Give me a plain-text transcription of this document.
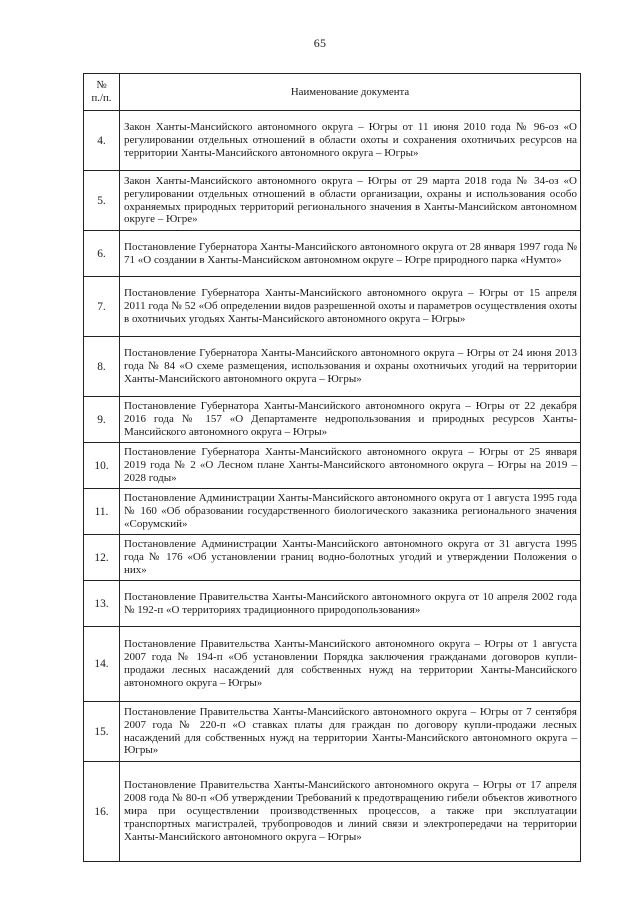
65
№
п./п.	Наименование документа
4.	Закон Ханты-Мансийского автономного округа – Югры от 11 июня 2010 года № 96-оз «О регулировании отдельных отношений в области охоты и сохранения охотничьих ресурсов на территории Ханты-Мансийского автономного округа – Югры»
5.	Закон Ханты-Мансийского автономного округа – Югры от 29 марта 2018 года № 34-оз «О регулировании отдельных отношений в области организации, охраны и использования особо охраняемых природных территорий регионального значения в Ханты-Мансийском автономном округе – Югре»
6.	Постановление Губернатора Ханты-Мансийского автономного округа от 28 января 1997 года № 71 «О создании в Ханты-Мансийском автономном округе – Югре природного парка «Нумто»
7.	Постановление Губернатора Ханты-Мансийского автономного округа – Югры от 15 апреля 2011 года № 52 «Об определении видов разрешенной охоты и параметров осуществления охоты в охотничьих угодьях Ханты-Мансийского автономного округа – Югры»
8.	Постановление Губернатора Ханты-Мансийского автономного округа – Югры от 24 июня 2013 года № 84 «О схеме размещения, использования и охраны охотничьих угодий на территории Ханты-Мансийского автономного округа – Югры»
9.	Постановление Губернатора Ханты-Мансийского автономного округа – Югры от 22 декабря 2016 года № 157 «О Департаменте недропользования и природных ресурсов Ханты-Мансийского автономного округа – Югры»
10.	Постановление Губернатора Ханты-Мансийского автономного округа – Югры от 25 января 2019 года № 2 «О Лесном плане Ханты-Мансийского автономного округа – Югры на 2019 – 2028 годы»
11.	Постановление Администрации Ханты-Мансийского автономного округа от 1 августа 1995 года № 160 «Об образовании государственного биологического заказника регионального значения «Сорумский»
12.	Постановление Администрации Ханты-Мансийского автономного округа от 31 августа 1995 года № 176 «Об установлении границ водно-болотных угодий и утверждении Положения о них»
13.	Постановление Правительства Ханты-Мансийского автономного округа от 10 апреля 2002 года № 192-п «О территориях традиционного природопользования»
14.	Постановление Правительства Ханты-Мансийского автономного округа – Югры от 1 августа 2007 года № 194-п «Об установлении Порядка заключения гражданами договоров купли-продажи лесных насаждений для собственных нужд на территории Ханты-Мансийского автономного округа – Югры»
15.	Постановление Правительства Ханты-Мансийского автономного округа – Югры от 7 сентября 2007 года № 220-п «О ставках платы для граждан по договору купли-продажи лесных насаждений для собственных нужд на территории Ханты-Мансийского автономного округа – Югры»
16.	Постановление Правительства Ханты-Мансийского автономного округа – Югры от 17 апреля 2008 года № 80-п «Об утверждении Требований к предотвращению гибели объектов животного мира при осуществлении производственных процессов, а также при эксплуатации транспортных магистралей, трубопроводов и линий связи и электропередачи на территории Ханты-Мансийского автономного округа – Югры»
